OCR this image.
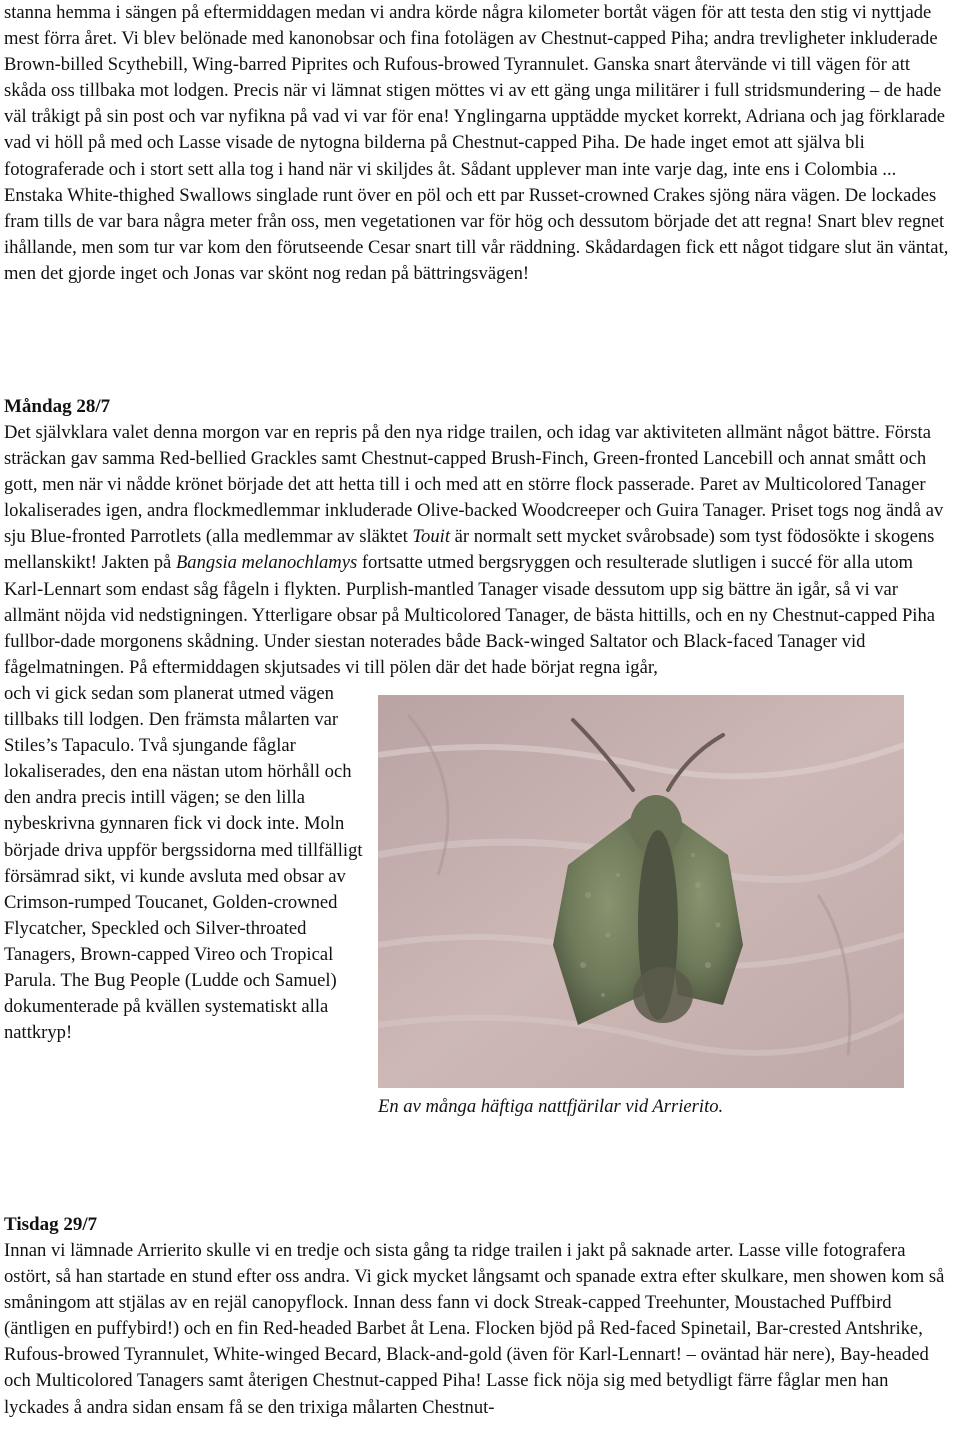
stanna hemma i sängen på eftermiddagen medan vi andra körde några kilometer bortåt vägen för att testa den stig vi nyttjade mest förra året. Vi blev belönade med kanonobsar och fina fotolägen av Chestnut-capped Piha; andra trevligheter inkluderade Brown-billed Scythebill, Wing-barred Piprites och Rufous-browed Tyrannulet. Ganska snart återvände vi till vägen för att skåda oss tillbaka mot lodgen. Precis när vi lämnat stigen möttes vi av ett gäng unga militärer i full stridsmundering – de hade väl tråkigt på sin post och var nyfikna på vad vi var för ena! Ynglingarna upptädde mycket korrekt, Adriana och jag förklarade vad vi höll på med och Lasse visade de nytogna bilderna på Chestnut-capped Piha. De hade inget emot att själva bli fotograferade och i stort sett alla tog i hand när vi skiljdes åt. Sådant upplever man inte varje dag, inte ens i Colombia ... Enstaka White-thighed Swallows singlade runt över en pöl och ett par Russet-crowned Crakes sjöng nära vägen. De lockades fram tills de var bara några meter från oss, men vegetationen var för hög och dessutom började det att regna! Snart blev regnet ihållande, men som tur var kom den förutseende Cesar snart till vår räddning. Skådardagen fick ett något tidgare slut än väntat, men det gjorde inget och Jonas var skönt nog redan på bättringsvägen!

Måndag 28/7

Det självklara valet denna morgon var en repris på den nya ridge trailen, och idag var aktiviteten allmänt något bättre. Första sträckan gav samma Red-bellied Grackles samt Chestnut-capped Brush-Finch, Green-fronted Lancebill och annat smått och gott, men när vi nådde krönet började det att hetta till i och med att en större flock passerade. Paret av Multicolored Tanager lokaliserades igen, andra flockmedlemmar inkluderade Olive-backed Woodcreeper och Guira Tanager. Priset togs nog ändå av sju Blue-fronted Parrotlets (alla medlemmar av släktet Touit är normalt sett mycket svårobsade) som tyst födosökte i skogens mellanskikt! Jakten på Bangsia melanochlamys fortsatte utmed bergsryggen och resulterade slutligen i succé för alla utom Karl-Lennart som endast såg fågeln i flykten. Purplish-mantled Tanager visade dessutom upp sig bättre än igår, så vi var allmänt nöjda vid nedstigningen. Ytterligare obsar på Multicolored Tanager, de bästa hittills, och en ny Chestnut-capped Piha fullbor-dade morgonens skådning. Under siestan noterades både Back-winged Saltator och Black-faced Tanager vid fågelmatningen. På eftermiddagen skjutsades vi till pölen där det hade börjat regna igår,

och vi gick sedan som planerat utmed vägen tillbaks till lodgen. Den främsta målarten var Stiles’s Tapaculo. Två sjungande fåglar lokaliserades, den ena nästan utom hörhåll och den andra precis intill vägen; se den lilla nybeskrivna gynnaren fick vi dock inte. Moln började driva uppför bergssidorna med tillfälligt försämrad sikt, vi kunde avsluta med obsar av Crimson-rumped Toucanet, Golden-crowned Flycatcher, Speckled och Silver-throated Tanagers, Brown-capped Vireo och Tropical Parula. The Bug People (Ludde och Samuel) dokumenterade på kvällen systematiskt alla nattkryp!

En av många häftiga nattfjärilar vid Arrierito.
Tisdag 29/7

Innan vi lämnade Arrierito skulle vi en tredje och sista gång ta ridge trailen i jakt på saknade arter. Lasse ville fotografera ostört, så han startade en stund efter oss andra. Vi gick mycket långsamt och spanade extra efter skulkare, men showen kom så småningom att stjälas av en rejäl canopyflock. Innan dess fann vi dock Streak-capped Treehunter, Moustached Puffbird (äntligen en puffybird!) och en fin Red-headed Barbet åt Lena. Flocken bjöd på Red-faced Spinetail, Bar-crested Antshrike, Rufous-browed Tyrannulet, White-winged Becard, Black-and-gold (även för Karl-Lennart! – oväntad här nere), Bay-headed och Multicolored Tanagers samt återigen Chestnut-capped Piha! Lasse fick nöja sig med betydligt färre fåglar men han lyckades å andra sidan ensam få se den trixiga målarten Chestnut-
